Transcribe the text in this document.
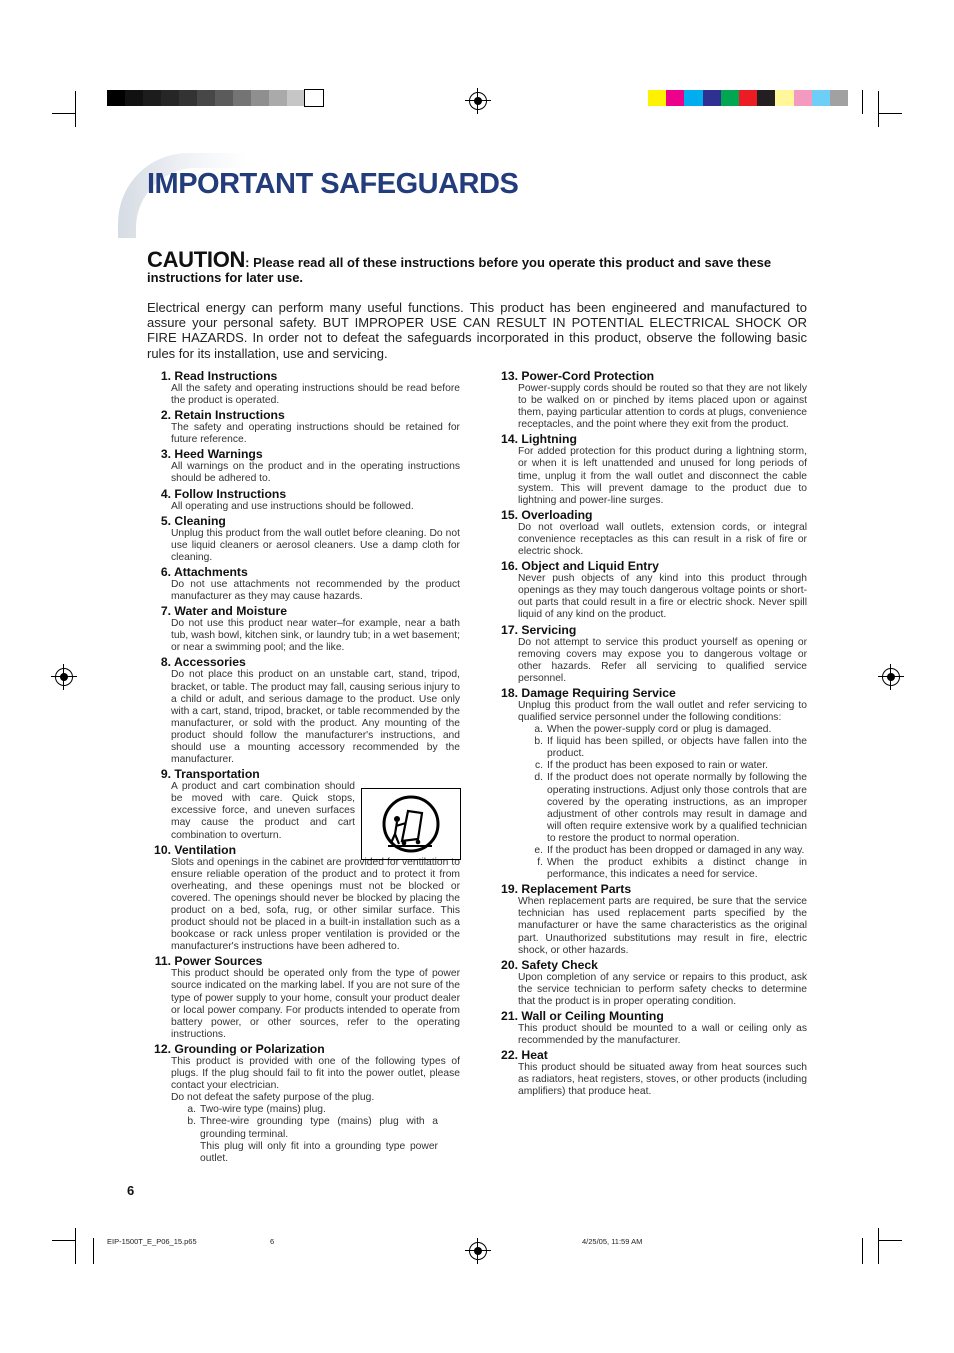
IMPORTANT SAFEGUARDS
CAUTION: Please read all of these instructions before you operate this product and save these instructions for later use.
Electrical energy can perform many useful functions. This product has been engineered and manufactured to assure your personal safety. BUT IMPROPER USE CAN RESULT IN POTENTIAL ELECTRICAL SHOCK OR FIRE HAZARDS. In order not to defeat the safeguards incorporated in this product, observe the following basic rules for its installation, use and servicing.
1. Read Instructions
All the safety and operating instructions should be read before the product is operated.
2. Retain Instructions
The safety and operating instructions should be retained for future reference.
3. Heed Warnings
All warnings on the product and in the operating instructions should be adhered to.
4. Follow Instructions
All operating and use instructions should be followed.
5. Cleaning
Unplug this product from the wall outlet before cleaning. Do not use liquid cleaners or aerosol cleaners. Use a damp cloth for cleaning.
6. Attachments
Do not use attachments not recommended by the product manufacturer as they may cause hazards.
7. Water and Moisture
Do not use this product near water–for example, near a bath tub, wash bowl, kitchen sink, or laundry tub; in a wet basement; or near a swimming pool; and the like.
8. Accessories
Do not place this product on an unstable cart, stand, tripod, bracket, or table. The product may fall, causing serious injury to a child or adult, and serious damage to the product. Use only with a cart, stand, tripod, bracket, or table recommended by the manufacturer, or sold with the product. Any mounting of the product should follow the manufacturer's instructions, and should use a mounting accessory recommended by the manufacturer.
9. Transportation
A product and cart combination should be moved with care. Quick stops, excessive force, and uneven surfaces may cause the product and cart combination to overturn.
10. Ventilation
Slots and openings in the cabinet are provided for ventilation to ensure reliable operation of the product and to protect it from overheating, and these openings must not be blocked or covered. The openings should never be blocked by placing the product on a bed, sofa, rug, or other similar surface. This product should not be placed in a built-in installation such as a bookcase or rack unless proper ventilation is provided or the manufacturer's instructions have been adhered to.
11. Power Sources
This product should be operated only from the type of power source indicated on the marking label. If you are not sure of the type of power supply to your home, consult your product dealer or local power company. For products intended to operate from battery power, or other sources, refer to the operating instructions.
12. Grounding or Polarization
This product is provided with one of the following types of plugs. If the plug should fail to fit into the power outlet, please contact your electrician.
Do not defeat the safety purpose of the plug.
a. Two-wire type (mains) plug.
b. Three-wire grounding type (mains) plug with a grounding terminal.
This plug will only fit into a grounding type power outlet.
13. Power-Cord Protection
Power-supply cords should be routed so that they are not likely to be walked on or pinched by items placed upon or against them, paying particular attention to cords at plugs, convenience receptacles, and the point where they exit from the product.
14. Lightning
For added protection for this product during a lightning storm, or when it is left unattended and unused for long periods of time, unplug it from the wall outlet and disconnect the cable system. This will prevent damage to the product due to lightning and power-line surges.
15. Overloading
Do not overload wall outlets, extension cords, or integral convenience receptacles as this can result in a risk of fire or electric shock.
16. Object and Liquid Entry
Never push objects of any kind into this product through openings as they may touch dangerous voltage points or short-out parts that could result in a fire or electric shock. Never spill liquid of any kind on the product.
17. Servicing
Do not attempt to service this product yourself as opening or removing covers may expose you to dangerous voltage or other hazards. Refer all servicing to qualified service personnel.
18. Damage Requiring Service
Unplug this product from the wall outlet and refer servicing to qualified service personnel under the following conditions:
a. When the power-supply cord or plug is damaged.
b. If liquid has been spilled, or objects have fallen into the product.
c. If the product has been exposed to rain or water.
d. If the product does not operate normally by following the operating instructions. Adjust only those controls that are covered by the operating instructions, as an improper adjustment of other controls may result in damage and will often require extensive work by a qualified technician to restore the product to normal operation.
e. If the product has been dropped or damaged in any way.
f. When the product exhibits a distinct change in performance, this indicates a need for service.
19. Replacement Parts
When replacement parts are required, be sure that the service technician has used replacement parts specified by the manufacturer or have the same characteristics as the original part. Unauthorized substitutions may result in fire, electric shock, or other hazards.
20. Safety Check
Upon completion of any service or repairs to this product, ask the service technician to perform safety checks to determine that the product is in proper operating condition.
21. Wall or Ceiling Mounting
This product should be mounted to a wall or ceiling only as recommended by the manufacturer.
22. Heat
This product should be situated away from heat sources such as radiators, heat registers, stoves, or other products (including amplifiers) that produce heat.
6
EIP-1500T_E_P06_15.p65	6	4/25/05, 11:59 AM
